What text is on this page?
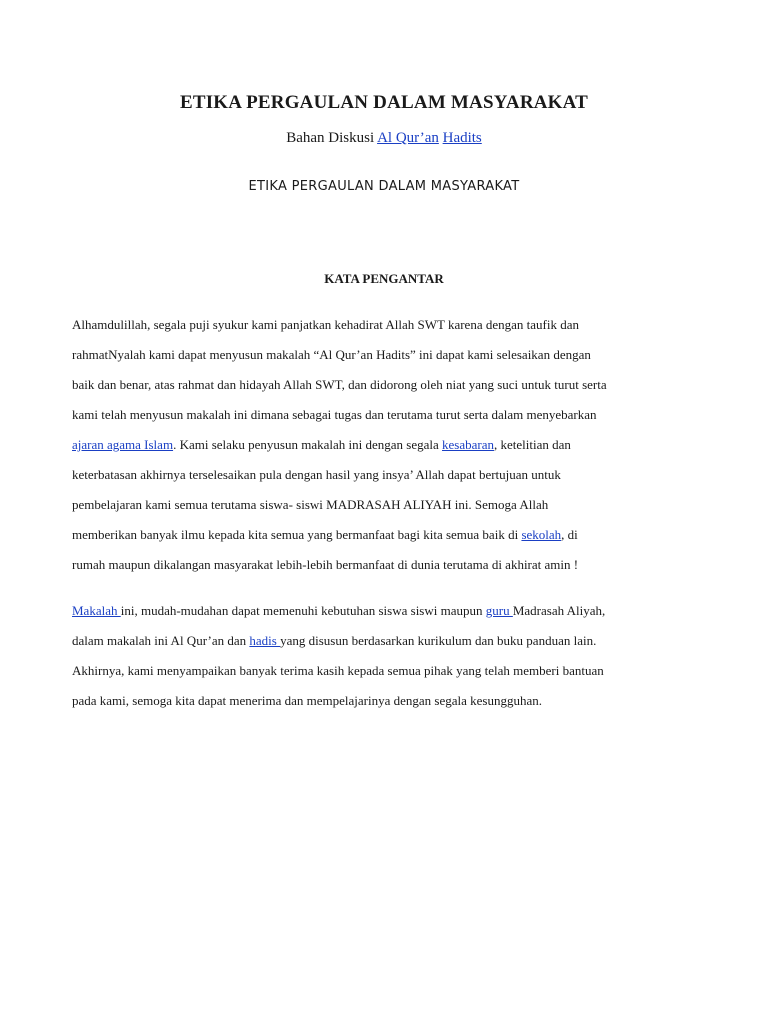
ETIKA PERGAULAN DALAM MASYARAKAT

Bahan Diskusi Al Qur’an Hadits

ETIKA PERGAULAN DALAM MASYARAKAT

KATA PENGANTAR

Alhamdulillah, segala puji syukur kami panjatkan kehadirat Allah SWT karena dengan taufik dan
rahmatNyalah kami dapat menyusun makalah “Al Qur’an Hadits” ini dapat kami selesaikan dengan
baik dan benar, atas rahmat dan hidayah Allah SWT, dan didorong oleh niat yang suci untuk turut serta
kami telah menyusun makalah ini dimana sebagai tugas dan terutama turut serta dalam menyebarkan
ajaran agama Islam. Kami selaku penyusun makalah ini dengan segala kesabaran, ketelitian dan
keterbatasan akhirnya terselesaikan pula dengan hasil yang insya’ Allah dapat bertujuan untuk
pembelajaran kami semua terutama siswa- siswi MADRASAH ALIYAH ini. Semoga Allah
memberikan banyak ilmu kepada kita semua yang bermanfaat bagi kita semua baik di sekolah, di
rumah maupun dikalangan masyarakat lebih-lebih bermanfaat di dunia terutama di akhirat amin !
Makalah ini, mudah-mudahan dapat memenuhi kebutuhan siswa siswi maupun guru Madrasah Aliyah,
dalam makalah ini Al Qur’an dan hadis yang disusun berdasarkan kurikulum dan buku panduan lain.
Akhirnya, kami menyampaikan banyak terima kasih kepada semua pihak yang telah memberi bantuan
pada kami, semoga kita dapat menerima dan mempelajarinya dengan segala kesungguhan.
